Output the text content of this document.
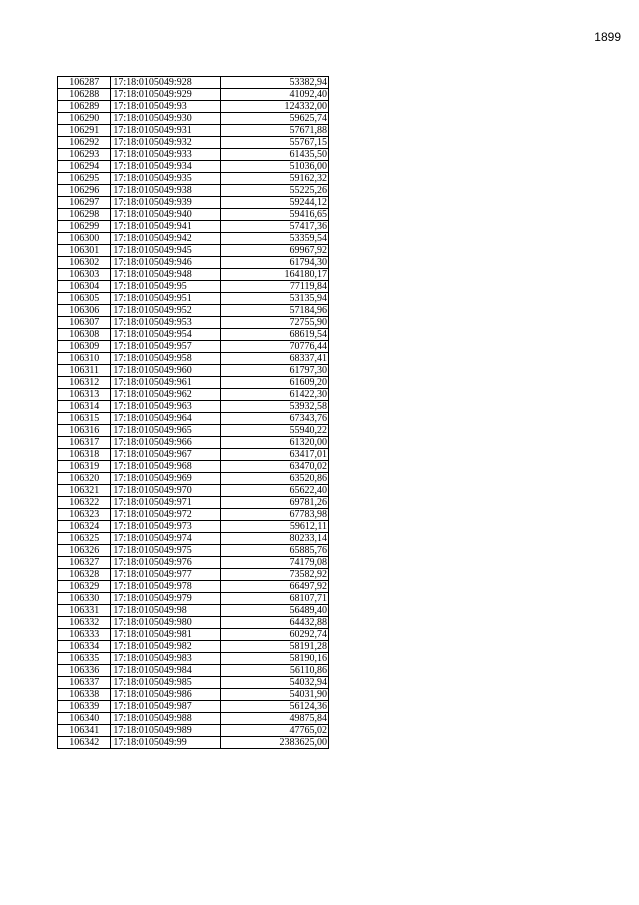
1899
106287	17:18:0105049:928	53382,94
106288	17:18:0105049:929	41092,40
106289	17:18:0105049:93	124332,00
106290	17:18:0105049:930	59625,74
106291	17:18:0105049:931	57671,88
106292	17:18:0105049:932	55767,15
106293	17:18:0105049:933	61435,50
106294	17:18:0105049:934	51036,00
106295	17:18:0105049:935	59162,32
106296	17:18:0105049:938	55225,26
106297	17:18:0105049:939	59244,12
106298	17:18:0105049:940	59416,65
106299	17:18:0105049:941	57417,36
106300	17:18:0105049:942	53359,54
106301	17:18:0105049:945	69967,92
106302	17:18:0105049:946	61794,30
106303	17:18:0105049:948	164180,17
106304	17:18:0105049:95	77119,84
106305	17:18:0105049:951	53135,94
106306	17:18:0105049:952	57184,96
106307	17:18:0105049:953	72755,90
106308	17:18:0105049:954	68619,54
106309	17:18:0105049:957	70776,44
106310	17:18:0105049:958	68337,41
106311	17:18:0105049:960	61797,30
106312	17:18:0105049:961	61609,20
106313	17:18:0105049:962	61422,30
106314	17:18:0105049:963	53932,58
106315	17:18:0105049:964	67343,76
106316	17:18:0105049:965	55940,22
106317	17:18:0105049:966	61320,00
106318	17:18:0105049:967	63417,01
106319	17:18:0105049:968	63470,02
106320	17:18:0105049:969	63520,86
106321	17:18:0105049:970	65622,40
106322	17:18:0105049:971	69781,26
106323	17:18:0105049:972	67783,98
106324	17:18:0105049:973	59612,11
106325	17:18:0105049:974	80233,14
106326	17:18:0105049:975	65885,76
106327	17:18:0105049:976	74179,08
106328	17:18:0105049:977	73582,92
106329	17:18:0105049:978	66497,92
106330	17:18:0105049:979	68107,71
106331	17:18:0105049:98	56489,40
106332	17:18:0105049:980	64432,88
106333	17:18:0105049:981	60292,74
106334	17:18:0105049:982	58191,28
106335	17:18:0105049:983	58190,16
106336	17:18:0105049:984	56110,86
106337	17:18:0105049:985	54032,94
106338	17:18:0105049:986	54031,90
106339	17:18:0105049:987	56124,36
106340	17:18:0105049:988	49875,84
106341	17:18:0105049:989	47765,02
106342	17:18:0105049:99	2383625,00
